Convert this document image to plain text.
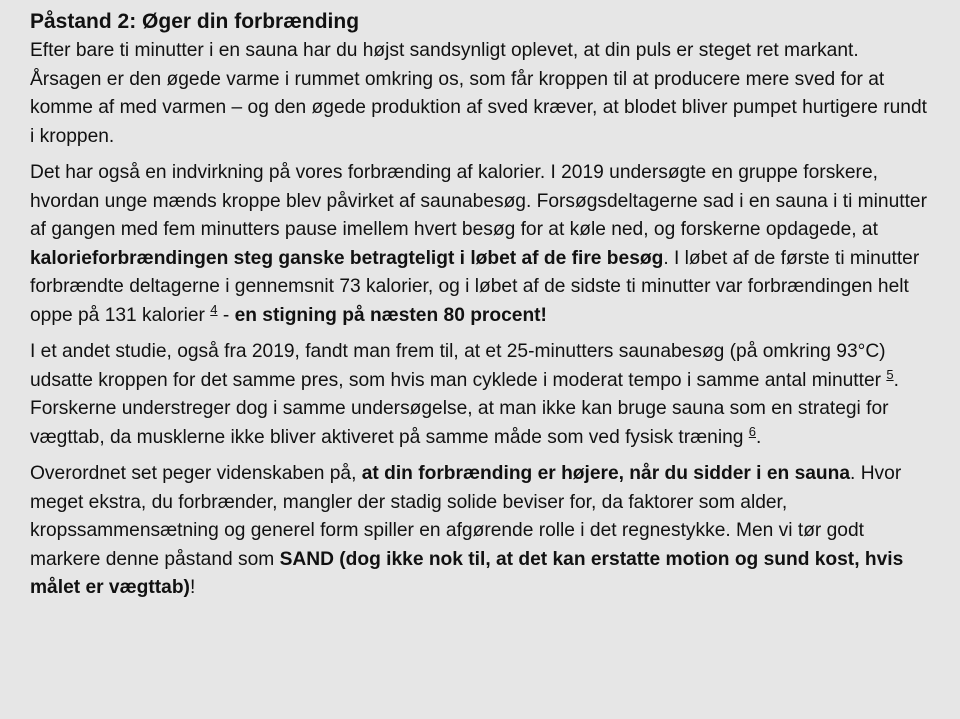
Påstand 2: Øger din forbrænding

Efter bare ti minutter i en sauna har du højst sandsynligt oplevet, at din puls er steget ret markant. Årsagen er den øgede varme i rummet omkring os, som får kroppen til at producere mere sved for at komme af med varmen – og den øgede produktion af sved kræver, at blodet bliver pumpet hurtigere rundt i kroppen.

Det har også en indvirkning på vores forbrænding af kalorier. I 2019 undersøgte en gruppe forskere, hvordan unge mænds kroppe blev påvirket af saunabesøg. Forsøgsdeltagerne sad i en sauna i ti minutter af gangen med fem minutters pause imellem hvert besøg for at køle ned, og forskerne opdagede, at kalorieforbrændingen steg ganske betragteligt i løbet af de fire besøg. I løbet af de første ti minutter forbrændte deltagerne i gennemsnit 73 kalorier, og i løbet af de sidste ti minutter var forbrændingen helt oppe på 131 kalorier $^4$ - en stigning på næsten 80 procent!

I et andet studie, også fra 2019, fandt man frem til, at et 25-minutters saunabesøg (på omkring 93°C) udsatte kroppen for det samme pres, som hvis man cyklede i moderat tempo i samme antal minutter $^5$. Forskerne understreger dog i samme undersøgelse, at man ikke kan bruge sauna som en strategi for vægttab, da musklerne ikke bliver aktiveret på samme måde som ved fysisk træning $^6$.

Overordnet set peger videnskaben på, at din forbrænding er højere, når du sidder i en sauna. Hvor meget ekstra, du forbrænder, mangler der stadig solide beviser for, da faktorer som alder, kropssammensætning og generel form spiller en afgørende rolle i det regnestykke. Men vi tør godt markere denne påstand som SAND (dog ikke nok til, at det kan erstatte motion og sund kost, hvis målet er vægttab)!
